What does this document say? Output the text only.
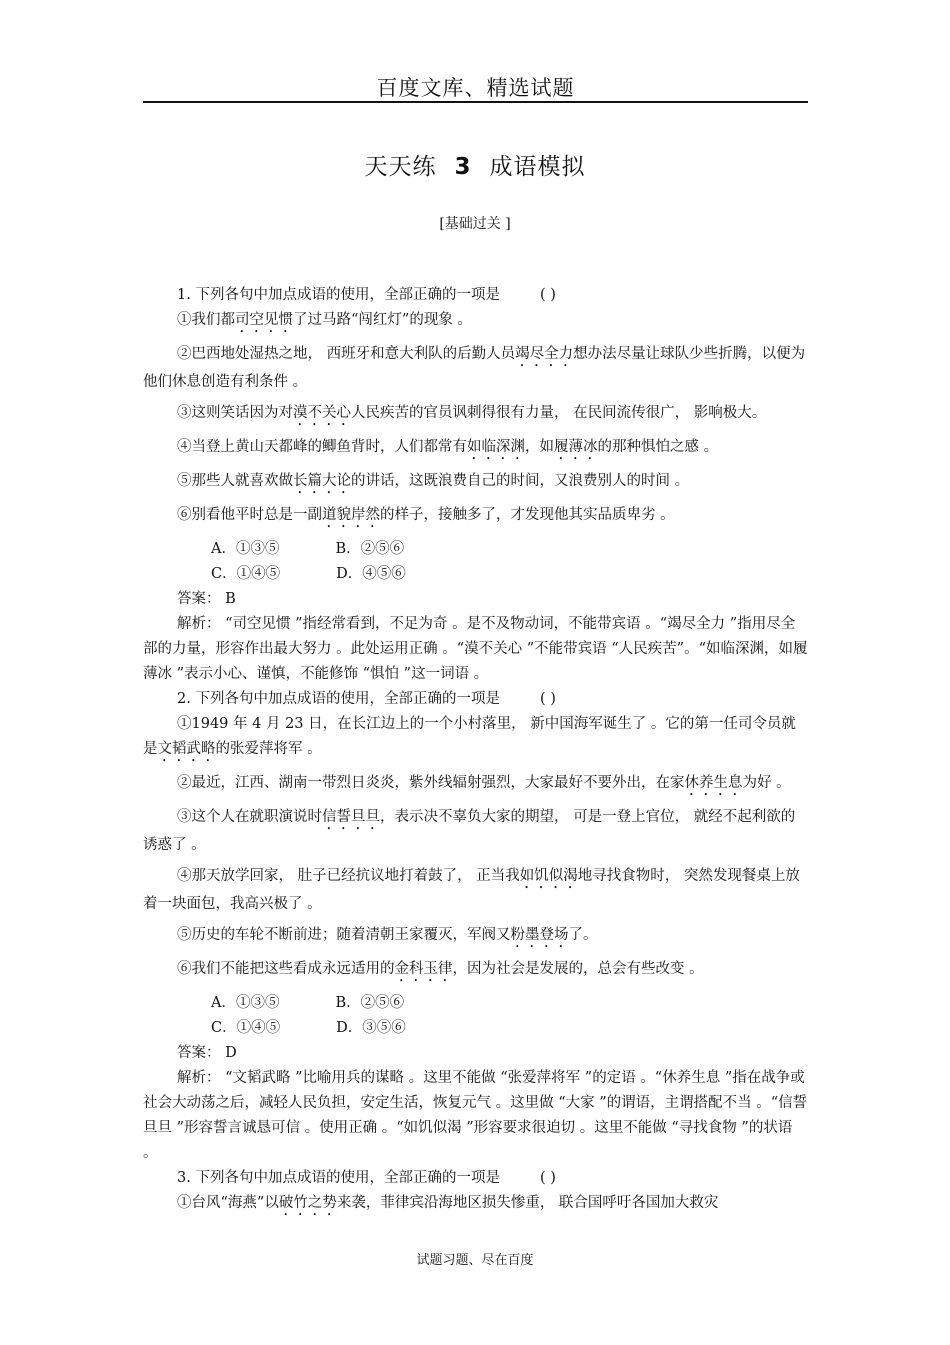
百度文库、精选试题
天天练 3 成语模拟
[基础过关 ]

1. 下列各句中加点成语的使用，全部正确的一项是	( )

①我们都司空见惯了过马路“闯红灯”的现象 。

②巴西地处湿热之地， 西班牙和意大利队的后勤人员竭尽全力想办法尽量让球队少些折腾，以便为他们休息创造有利条件 。

③这则笑话因为对漠不关心人民疾苦的官员讽刺得很有力量， 在民间流传很广， 影响极大。

④当登上黄山天都峰的鲫鱼背时，人们都常有如临深渊，如履薄冰的那种惧怕之感 。

⑤那些人就喜欢做长篇大论的讲话，这既浪费自己的时间，又浪费别人的时间 。

⑥别看他平时总是一副道貌岸然的样子，接触多了，才发现他其实品质卑劣 。

A．①③⑤	B．②⑤⑥

C．①④⑤	D．④⑤⑥

答案： B

解析： “司空见惯 ”指经常看到，不足为奇 。是不及物动词，不能带宾语 。“竭尽全力 ”指用尽全部的力量，形容作出最大努力 。此处运用正确 。“漠不关心 ”不能带宾语 “人民疾苦”。“如临深渊，如履薄冰 ”表示小心、谨慎，不能修饰 “惧怕 ”这一词语 。

2. 下列各句中加点成语的使用，全部正确的一项是	( )

①1949 年 4 月 23 日，在长江边上的一个小村落里， 新中国海军诞生了 。它的第一任司令员就是文韬武略的张爱萍将军 。

②最近，江西、湖南一带烈日炎炎，紫外线辐射强烈，大家最好不要外出，在家休养生息为好 。

③这个人在就职演说时信誓旦旦，表示决不辜负大家的期望， 可是一登上官位， 就经不起利欲的诱惑了 。

④那天放学回家， 肚子已经抗议地打着鼓了， 正当我如饥似渴地寻找食物时， 突然发现餐桌上放着一块面包，我高兴极了 。

⑤历史的车轮不断前进；随着清朝王家覆灭，军阀又粉墨登场了。

⑥我们不能把这些看成永远适用的金科玉律，因为社会是发展的，总会有些改变 。

A．①③⑤	B．②⑤⑥

C．①④⑤	D．③⑤⑥

答案： D

解析： “文韬武略 ”比喻用兵的谋略 。这里不能做 “张爱萍将军 ”的定语 。“休养生息 ”指在战争或社会大动荡之后，减轻人民负担，安定生活，恢复元气 。这里做 “大家 ”的谓语，主谓搭配不当 。“信誓旦旦 ”形容誓言诚恳可信 。使用正确 。“如饥似渴 ”形容要求很迫切 。这里不能做 “寻找食物 ”的状语 。

3. 下列各句中加点成语的使用，全部正确的一项是	( )

①台风“海燕”以破竹之势来袭，菲律宾沿海地区损失惨重， 联合国呼吁各国加大救灾

试题习题、尽在百度
